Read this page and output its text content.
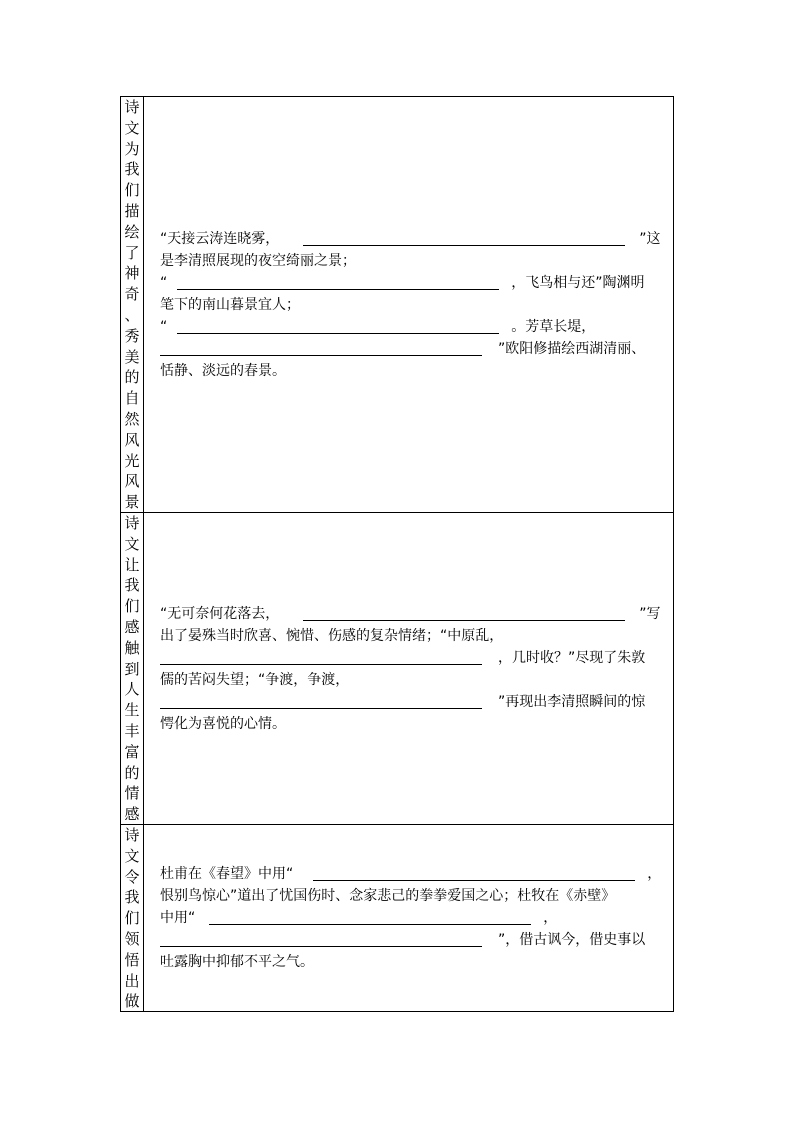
诗
文
为
我
们
描
绘
了
神
奇
、
秀
美
的
自
然
风
光
风
景
“天接云涛连晓雾，	”这
是李清照展现的夜空绮丽之景；
“	，飞鸟相与还”陶渊明
笔下的南山暮景宜人；
“	。芳草长堤，
”欧阳修描绘西湖清丽、
恬静、淡远的春景。
诗
文
让
我
们
感
触
到
人
生
丰
富
的
情
感
“无可奈何花落去，	”写
出了晏殊当时欣喜、惋惜、伤感的复杂情绪；“中原乱，
，几时收？”尽现了朱敦
儒的苦闷失望；“争渡，争渡，
”再现出李清照瞬间的惊
愕化为喜悦的心情。
诗
文
令
我
们
领
悟
出
做
杜甫在《春望》中用“	，
恨别鸟惊心”道出了忧国伤时、念家悲己的拳拳爱国之心；杜牧在《赤壁》
中用“	，
”，借古讽今，借史事以
吐露胸中抑郁不平之气。
